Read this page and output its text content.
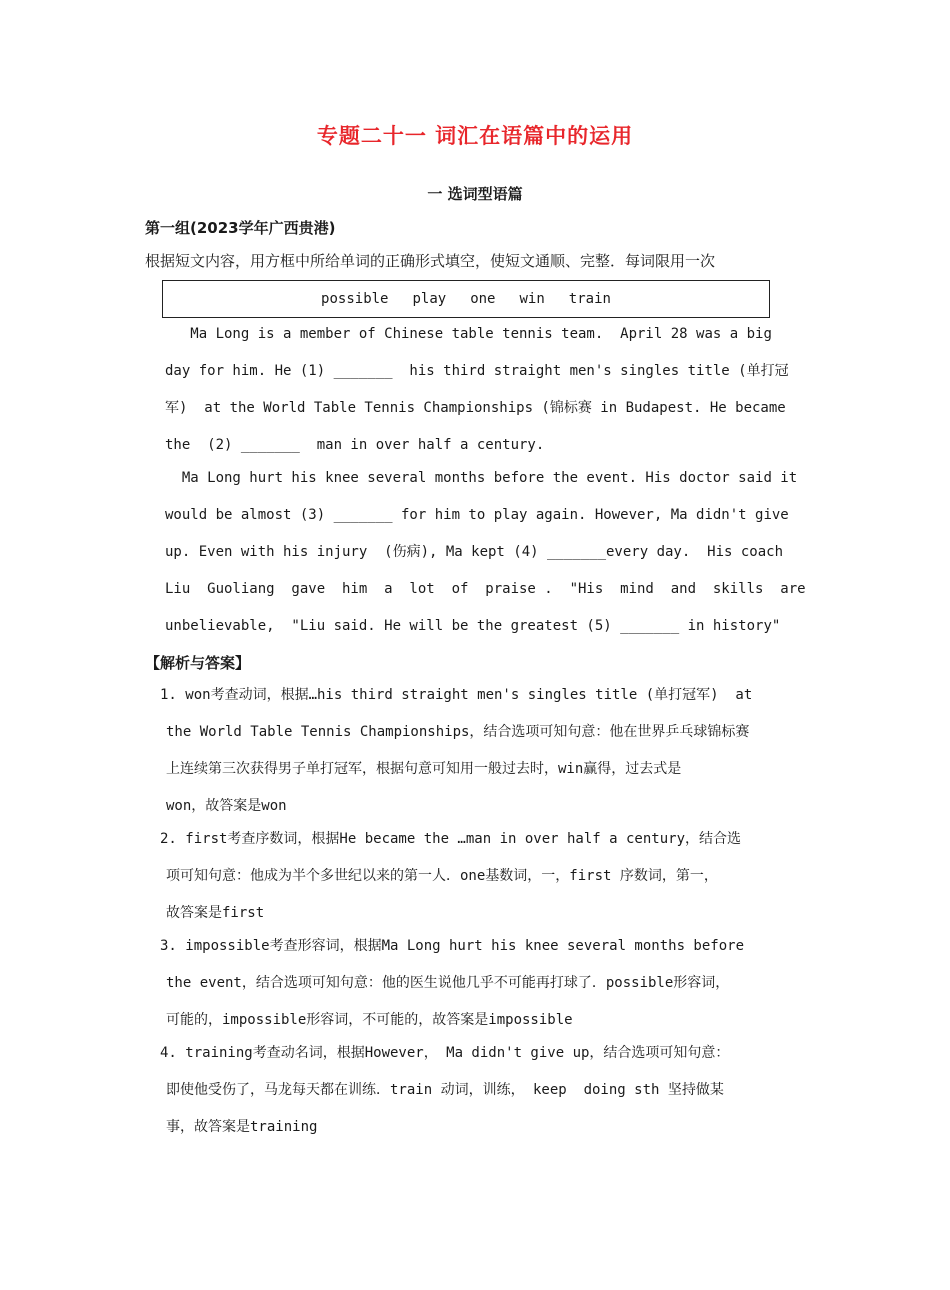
专题二十一 词汇在语篇中的运用
一 选词型语篇
第一组(2023学年广西贵港)
根据短文内容，用方框中所给单词的正确形式填空，使短文通顺、完整．每词限用一次
possible play one win train
Ma Long is a member of Chinese table tennis team.  April 28 was a big
day for him. He (1) _______  his third straight men's singles title (单打冠
军)  at the World Table Tennis Championships (锦标赛 in Budapest. He became
the  (2) _______  man in over half a century.
Ma Long hurt his knee several months before the event. His doctor said it
would be almost (3) _______ for him to play again. However, Ma didn't give
up. Even with his injury  (伤病), Ma kept (4) _______every day.  His coach
Liu  Guoliang  gave  him  a  lot  of  praise .  "His  mind  and  skills  are
unbelievable,  "Liu said. He will be the greatest (5) _______ in history"
【解析与答案】
1. won考查动词，根据…his third straight men's singles title (单打冠军)  at
the World Table Tennis Championships，结合选项可知句意：他在世界乒乓球锦标赛
上连续第三次获得男子单打冠军，根据句意可知用一般过去时，win赢得，过去式是
won，故答案是won
2. first考查序数词，根据He became the …man in over half a century，结合选
项可知句意：他成为半个多世纪以来的第一人．one基数词，一，first 序数词，第一，
故答案是first
3. impossible考查形容词，根据Ma Long hurt his knee several months before
the event，结合选项可知句意：他的医生说他几乎不可能再打球了．possible形容词，
可能的，impossible形容词，不可能的，故答案是impossible
4. training考查动名词，根据However， Ma didn't give up，结合选项可知句意：
即使他受伤了，马龙每天都在训练．train 动词，训练， keep  doing sth 坚持做某
事，故答案是training
